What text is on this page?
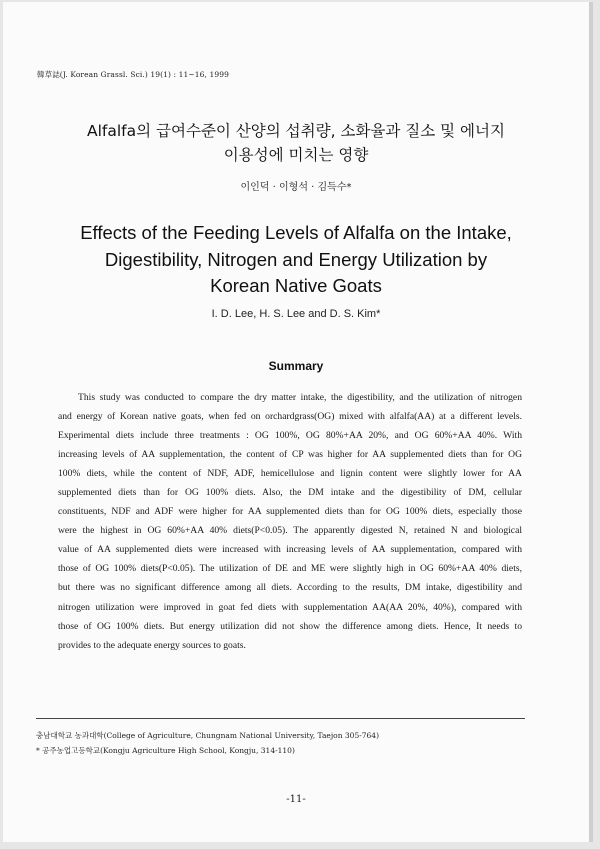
韓草誌(J. Korean Grassl. Sci.) 19(1) : 11~16, 1999
Alfalfa의 급여수준이 산양의 섭취량, 소화율과 질소 및 에너지
이용성에 미치는 영향
이인덕 · 이형석 · 김득수*
Effects of the Feeding Levels of Alfalfa on the Intake,
Digestibility, Nitrogen and Energy Utilization by
Korean Native Goats
I. D. Lee, H. S. Lee and D. S. Kim*
Summary
This study was conducted to compare the dry matter intake, the digestibility, and the utilization of nitrogen
and energy of Korean native goats, when fed on orchardgrass(OG) mixed with alfalfa(AA) at a different levels.
Experimental diets include three treatments : OG 100%, OG 80%+AA 20%, and OG 60%+AA 40%. With
increasing levels of AA supplementation, the content of CP was higher for AA supplemented diets than for OG
100% diets, while the content of NDF, ADF, hemicellulose and lignin content were slightly lower for AA
supplemented diets than for OG 100% diets. Also, the DM intake and the digestibility of DM, cellular
constituents, NDF and ADF were higher for AA supplemented diets than for OG 100% diets, especially those
were the highest in OG 60%+AA 40% diets(P<0.05). The apparently digested N, retained N and biological
value of AA supplemented diets were increased with increasing levels of AA supplementation, compared with
those of OG 100% diets(P<0.05). The utilization of DE and ME were slightly high in OG 60%+AA 40% diets,
but there was no significant difference among all diets. According to the results, DM intake, digestibility and
nitrogen utilization were improved in goat fed diets with supplementation AA(AA 20%, 40%), compared with
those of OG 100% diets. But energy utilization did not show the difference among diets. Hence, It needs to
provides to the adequate energy sources to goats.
충남대학교 농과대학(College of Agriculture, Chungnam National University, Taejon 305-764)
* 공주농업고등학교(Kongju Agriculture High School, Kongju, 314-110)
-11-
